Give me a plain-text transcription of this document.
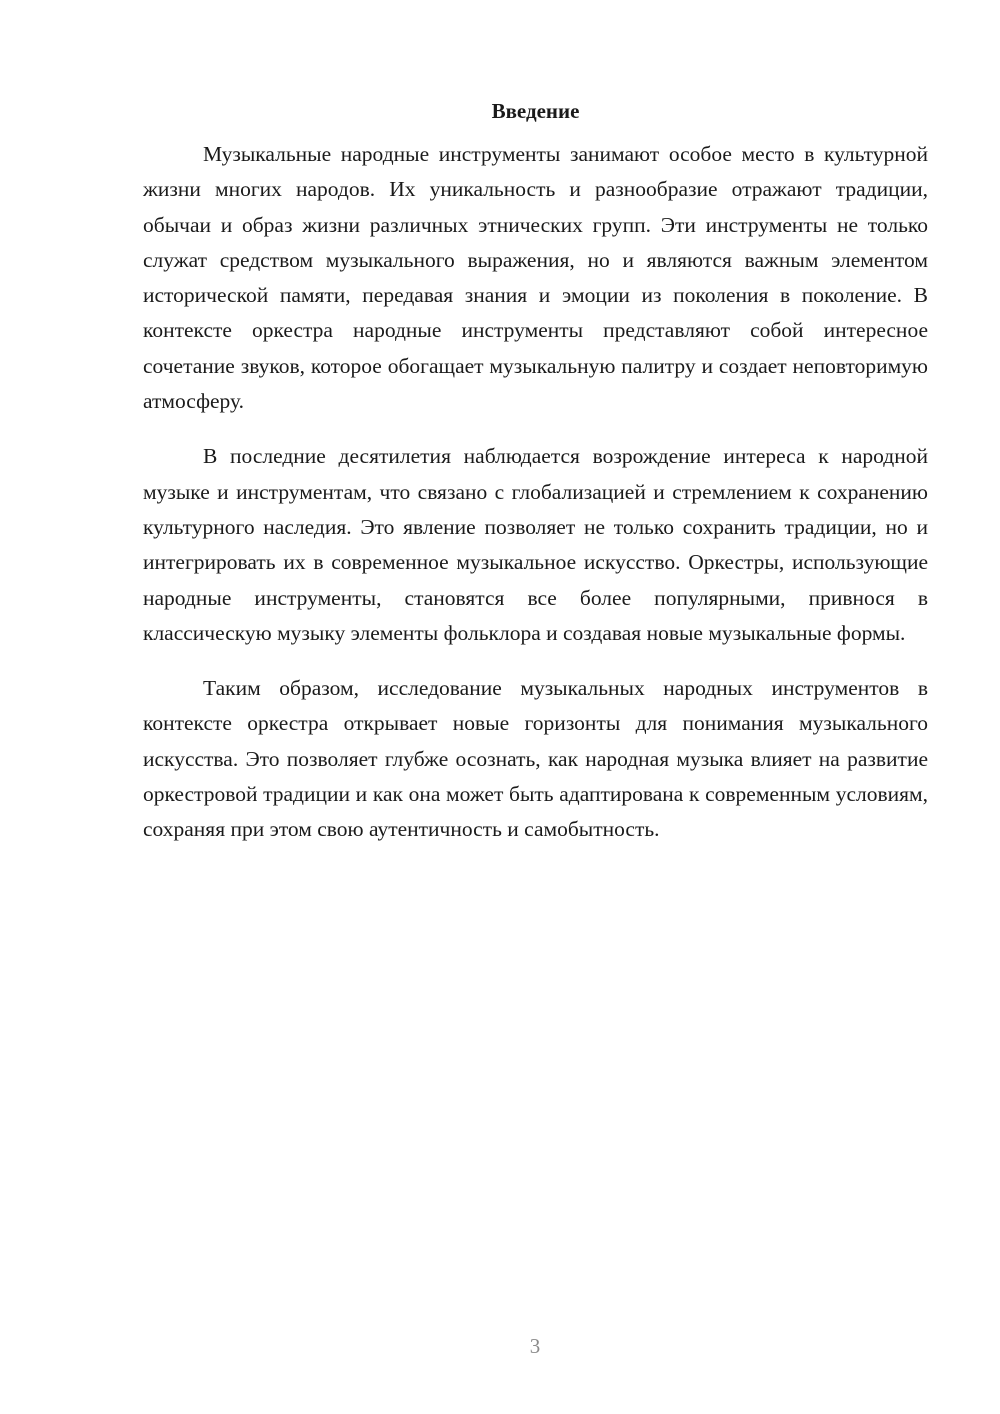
Введение

Музыкальные народные инструменты занимают особое место в культурной жизни многих народов. Их уникальность и разнообразие отражают традиции, обычаи и образ жизни различных этнических групп. Эти инструменты не только служат средством музыкального выражения, но и являются важным элементом исторической памяти, передавая знания и эмоции из поколения в поколение. В контексте оркестра народные инструменты представляют собой интересное сочетание звуков, которое обогащает музыкальную палитру и создает неповторимую атмосферу.

В последние десятилетия наблюдается возрождение интереса к народной музыке и инструментам, что связано с глобализацией и стремлением к сохранению культурного наследия. Это явление позволяет не только сохранить традиции, но и интегрировать их в современное музыкальное искусство. Оркестры, использующие народные инструменты, становятся все более популярными, привнося в классическую музыку элементы фольклора и создавая новые музыкальные формы.

Таким образом, исследование музыкальных народных инструментов в контексте оркестра открывает новые горизонты для понимания музыкального искусства. Это позволяет глубже осознать, как народная музыка влияет на развитие оркестровой традиции и как она может быть адаптирована к современным условиям, сохраняя при этом свою аутентичность и самобытность.

3
